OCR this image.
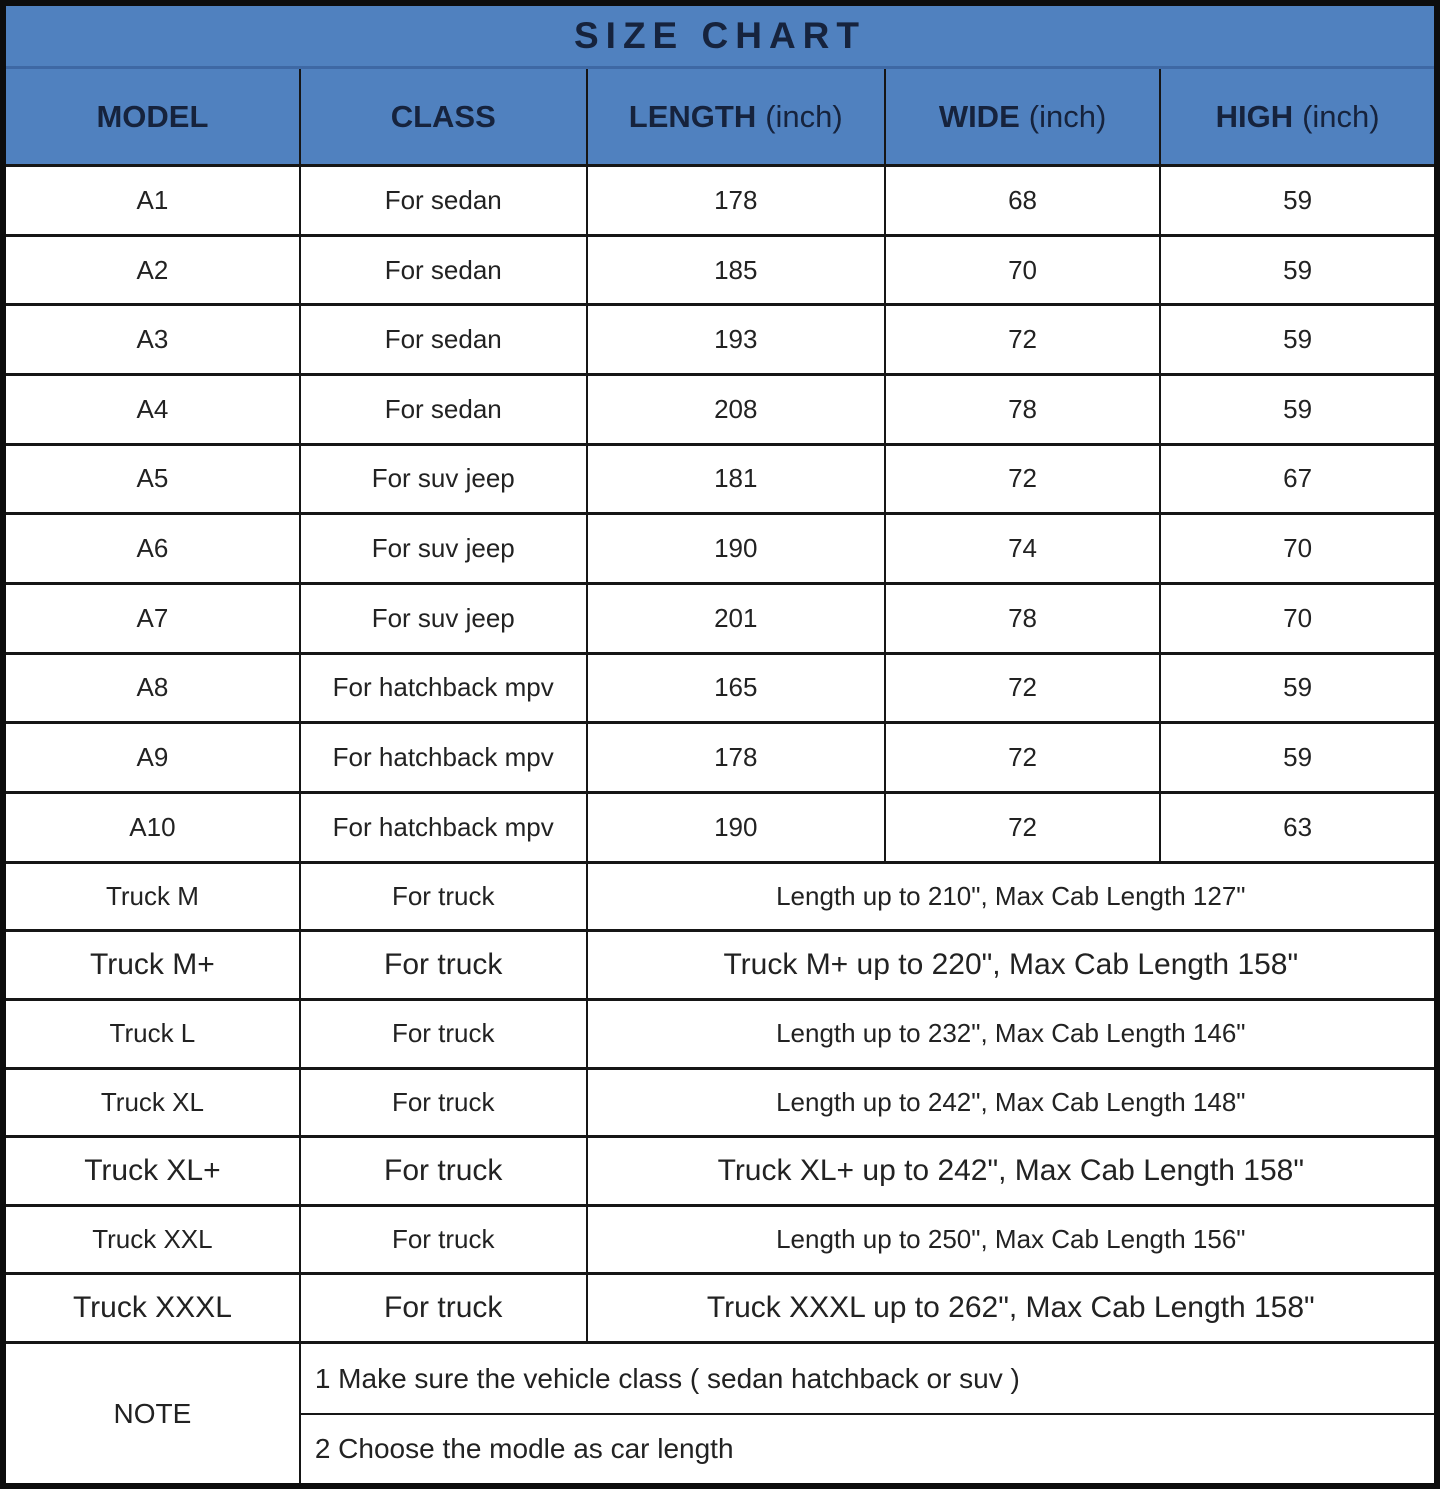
SIZE CHART				
MODEL	CLASS	LENGTH (inch)	WIDE (inch)	HIGH (inch)
A1	For sedan	178	68	59
A2	For sedan	185	70	59
A3	For sedan	193	72	59
A4	For sedan	208	78	59
A5	For suv jeep	181	72	67
A6	For suv jeep	190	74	70
A7	For suv jeep	201	78	70
A8	For hatchback mpv	165	72	59
A9	For hatchback mpv	178	72	59
A10	For hatchback mpv	190	72	63
Truck M	For truck	Length up to 210", Max Cab Length 127"		
Truck M+	For truck	Truck M+ up to 220", Max Cab Length 158"		
Truck L	For truck	Length up to 232", Max Cab Length 146"		
Truck XL	For truck	Length up to 242", Max Cab Length 148"		
Truck XL+	For truck	Truck XL+ up to 242", Max Cab Length 158"		
Truck XXL	For truck	Length up to 250", Max Cab Length 156"		
Truck XXXL	For truck	Truck XXXL up to 262", Max Cab Length 158"		
NOTE	1 Make sure the vehicle class ( sedan hatchback or suv )			
	2 Choose the modle as car length			
